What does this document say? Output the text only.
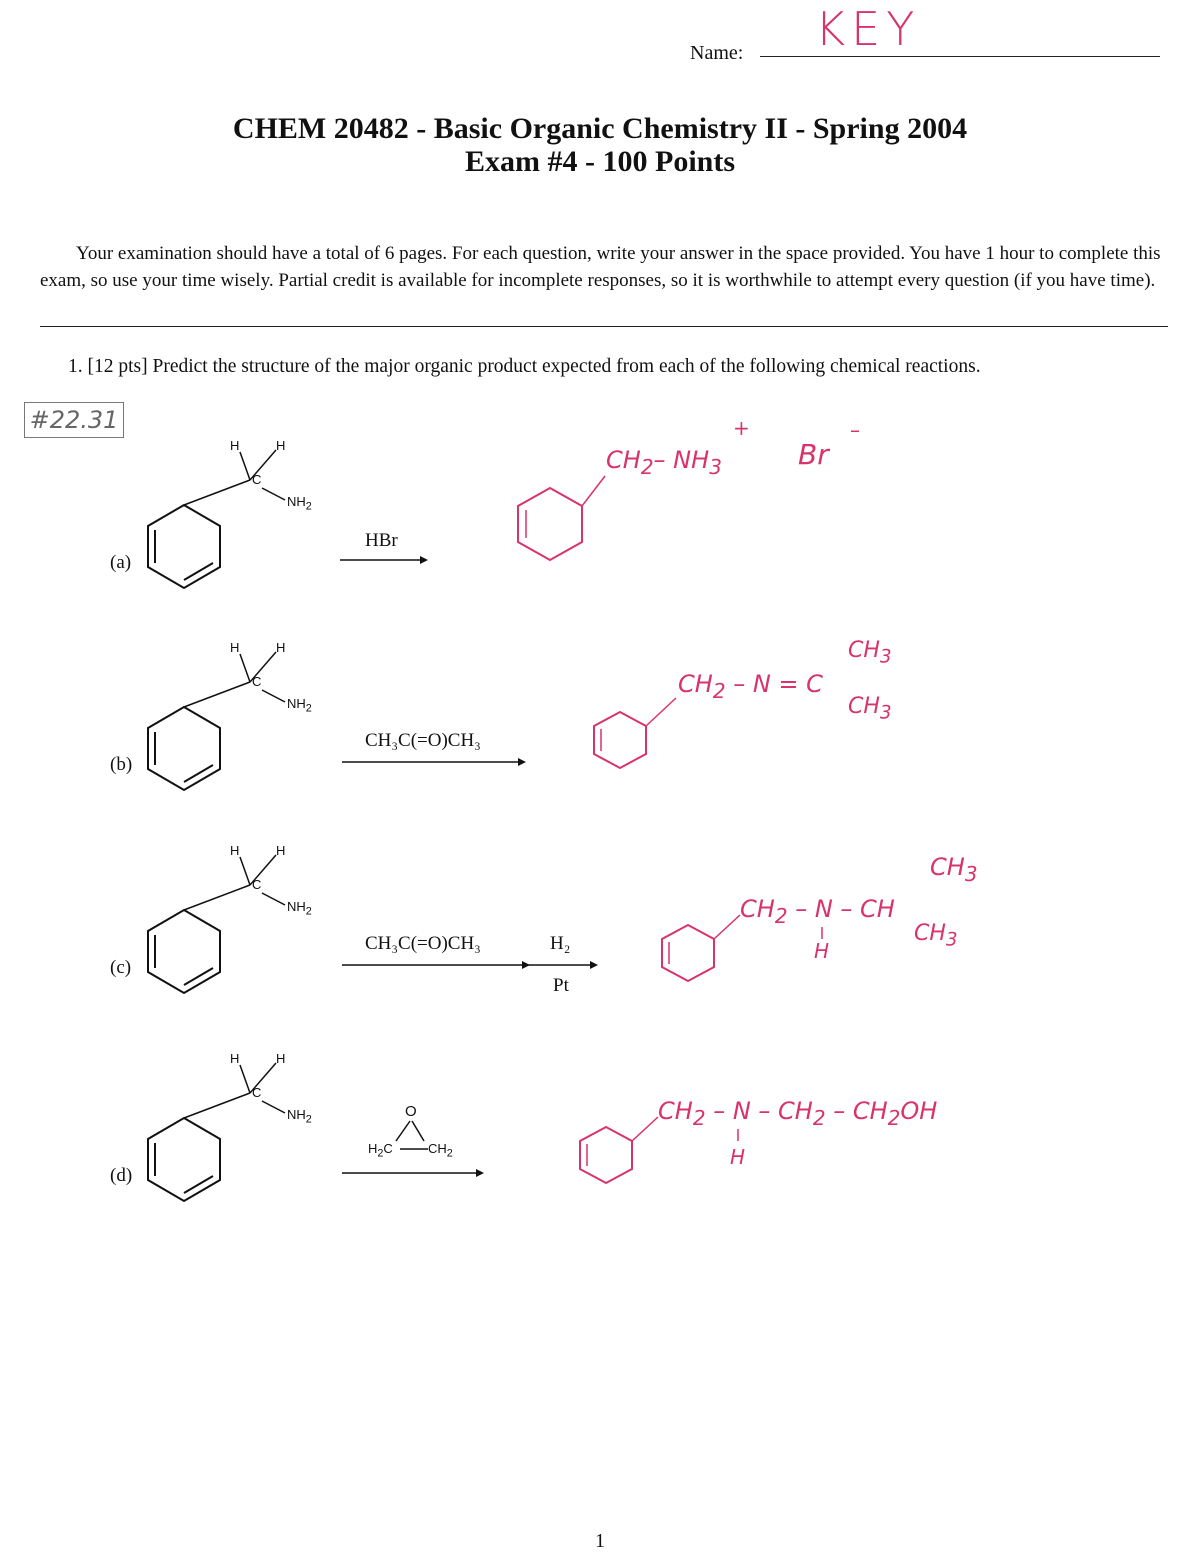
Name: KEY
CHEM 20482 - Basic Organic Chemistry II - Spring 2004
Exam #4 - 100 Points
Your examination should have a total of 6 pages. For each question, write your answer in the space provided. You have 1 hour to complete this exam, so use your time wisely. Partial credit is available for incomplete responses, so it is worthwhile to attempt every question (if you have time).
1. [12 pts] Predict the structure of the major organic product expected from each of the following chemical reactions.
#22.31
H	H
C
$NH_2$
(a)
HBr
$CH_2-$ $NH_3$
+
Br
–
H	H
C
$NH_2$
(b)
CH₃C(=O)CH₃
$CH_2 - N = C$
$CH_3$
$CH_3$
H	H
C
$NH_2$
(c)
CH₃C(=O)CH₃	H₂
Pt
$CH_2$ – N – CH
H
$CH_3$
$CH_3$
H	H
C
$NH_2$
(d)
O
$H_2C$	$CH_2$
$CH_2$ – N – $CH_2 - CH_2OH$
H
1
